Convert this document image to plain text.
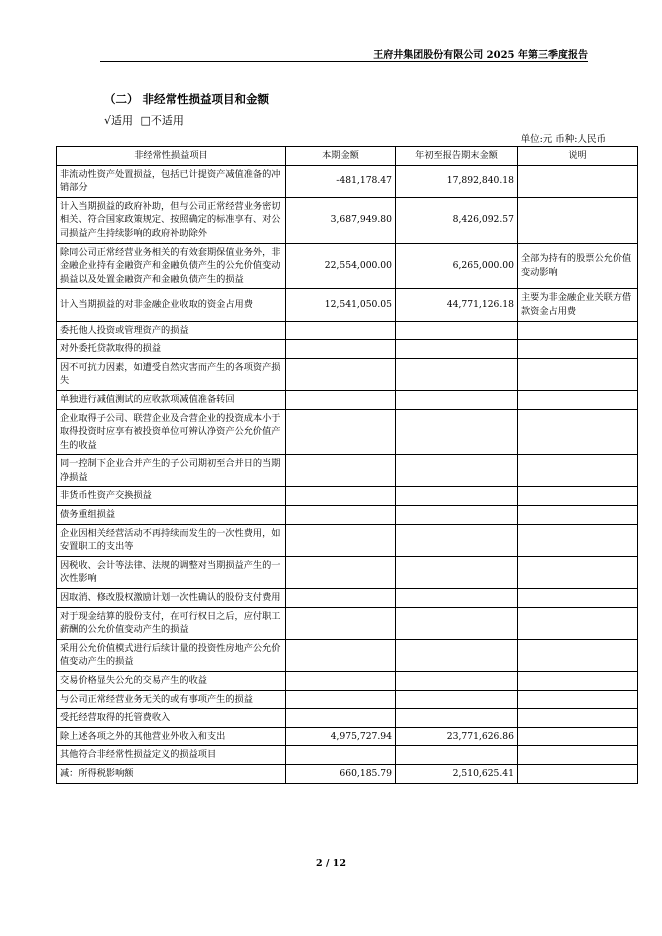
王府井集团股份有限公司 2025 年第三季度报告
（二） 非经常性损益项目和金额
√适用 □不适用
单位:元 币种:人民币
非经常性损益项目	本期金额	年初至报告期末金额	说明
非流动性资产处置损益，包括已计提资产减值准备的冲销部分	-481,178.47	17,892,840.18	
计入当期损益的政府补助，但与公司正常经营业务密切相关、符合国家政策规定、按照确定的标准享有、对公司损益产生持续影响的政府补助除外	3,687,949.80	8,426,092.57	
除同公司正常经营业务相关的有效套期保值业务外，非金融企业持有金融资产和金融负债产生的公允价值变动损益以及处置金融资产和金融负债产生的损益	22,554,000.00	6,265,000.00	全部为持有的股票公允价值变动影响
计入当期损益的对非金融企业收取的资金占用费	12,541,050.05	44,771,126.18	主要为非金融企业关联方借款资金占用费
委托他人投资或管理资产的损益			
对外委托贷款取得的损益			
因不可抗力因素，如遭受自然灾害而产生的各项资产损失			
单独进行减值测试的应收款项减值准备转回			
企业取得子公司、联营企业及合营企业的投资成本小于取得投资时应享有被投资单位可辨认净资产公允价值产生的收益			
同一控制下企业合并产生的子公司期初至合并日的当期净损益			
非货币性资产交换损益			
债务重组损益			
企业因相关经营活动不再持续而发生的一次性费用，如安置职工的支出等			
因税收、会计等法律、法规的调整对当期损益产生的一次性影响			
因取消、修改股权激励计划一次性确认的股份支付费用			
对于现金结算的股份支付，在可行权日之后，应付职工薪酬的公允价值变动产生的损益			
采用公允价值模式进行后续计量的投资性房地产公允价值变动产生的损益			
交易价格显失公允的交易产生的收益			
与公司正常经营业务无关的或有事项产生的损益			
受托经营取得的托管费收入			
除上述各项之外的其他营业外收入和支出	4,975,727.94	23,771,626.86	
其他符合非经常性损益定义的损益项目			
减：所得税影响额	660,185.79	2,510,625.41	
2 / 12
